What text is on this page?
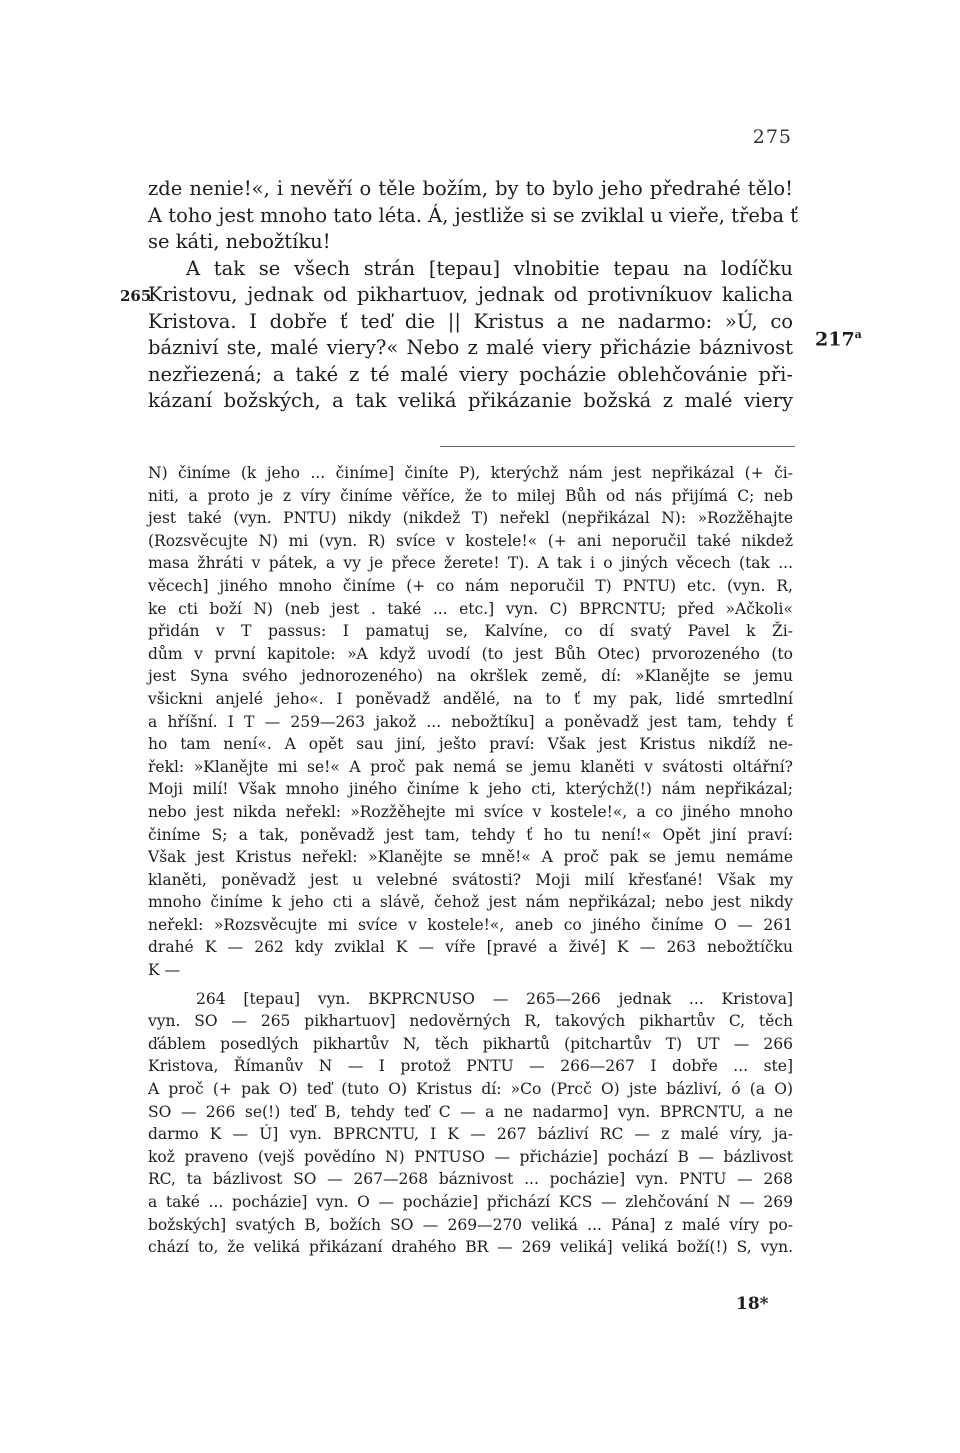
275
265
217$^a$
zde nenie!«, i nevěří o těle božím, by to bylo jeho předrahé tělo!
A toho jest mnoho tato léta. Á, jestliže si se zviklal u vieře, třeba ť
se káti, nebožtíku!
A tak se všech strán [tepau] vlnobitie tepau na lodíčku
Kristovu, jednak od pikhartuov, jednak od protivníkuov kalicha
Kristova. I dobře ť teď die || Kristus a ne nadarmo: »Ú, co
bázniví ste, malé viery?« Nebo z malé viery přicházie báznivost
nezřiezená; a také z té malé viery pocházie oblehčovánie při-
kázaní božských, a tak veliká přikázanie božská z malé viery
N) činíme (k jeho ... činíme] činíte P), kterýchž nám jest nepřikázal (+ či-
niti, a proto je z víry činíme věříce, že to milej Bůh od nás přijímá C; neb
jest také (vyn. PNTU) nikdy (nikdež T) neřekl (nepřikázal N): »Rozžěhajte
(Rozsvěcujte N) mi (vyn. R) svíce v kostele!« (+ ani neporučil také nikdež
masa žhráti v pátek, a vy je přece žerete! T). A tak i o jiných věcech (tak ...
věcech] jiného mnoho činíme (+ co nám neporučil T) PNTU) etc. (vyn. R,
ke cti boží N) (neb jest . také ... etc.] vyn. C) BPRCNTU; před »Ačkoli«
přidán v T passus: I pamatuj se, Kalvíne, co dí svatý Pavel k Ži-
dům v první kapitole: »A když uvodí (to jest Bůh Otec) prvorozeného (to
jest Syna svého jednorozeného) na okršlek země, dí: »Klanějte se jemu
všickni anjelé jeho«. I poněvadž andělé, na to ť my pak, lidé smrtedlní
a hříšní. I T — 259—263 jakož ... nebožtíku] a poněvadž jest tam, tehdy ť
ho tam není«. A opět sau jiní, ješto praví: Však jest Kristus nikdíž ne-
řekl: »Klanějte mi se!« A proč pak nemá se jemu klaněti v svátosti oltářní?
Moji milí! Však mnoho jiného činíme k jeho cti, kterýchž(!) nám nepřikázal;
nebo jest nikda neřekl: »Rozžěhejte mi svíce v kostele!«, a co jiného mnoho
činíme S; a tak, poněvadž jest tam, tehdy ť ho tu není!« Opět jiní praví:
Však jest Kristus neřekl: »Klanějte se mně!« A proč pak se jemu nemáme
klaněti, poněvadž jest u velebné svátosti? Moji milí křesťané! Však my
mnoho činíme k jeho cti a slávě, čehož jest nám nepřikázal; nebo jest nikdy
neřekl: »Rozsvěcujte mi svíce v kostele!«, aneb co jiného činíme O — 261
drahé K — 262 kdy zviklal K — víře [pravé a živé] K — 263 nebožtíčku
K —
264 [tepau] vyn. BKPRCNUSO — 265—266 jednak ... Kristova]
vyn. SO — 265 pikhartuov] nedověrných R, takových pikhartův C, těch
ďáblem posedlých pikhartův N, těch pikhartů (pitchartův T) UT — 266
Kristova, Římanův N — I protož PNTU — 266—267 I dobře ... ste]
A proč (+ pak O) teď (tuto O) Kristus dí: »Co (Prcč O) jste bázliví, ó (a O)
SO — 266 se(!) teď B, tehdy teď C — a ne nadarmo] vyn. BPRCNTU, a ne
darmo K — Ú] vyn. BPRCNTU, I K — 267 bázliví RC — z malé víry, ja-
kož praveno (vejš povědíno N) PNTUSO — přicházie] pochází B — bázlivost
RC, ta bázlivost SO — 267—268 báznivost ... pocházie] vyn. PNTU — 268
a také ... pocházie] vyn. O — pocházie] přichází KCS — zlehčování N — 269
božských] svatých B, božích SO — 269—270 veliká ... Pána] z malé víry po-
chází to, že veliká přikázaní drahého BR — 269 veliká] veliká boží(!) S, vyn.
18*
